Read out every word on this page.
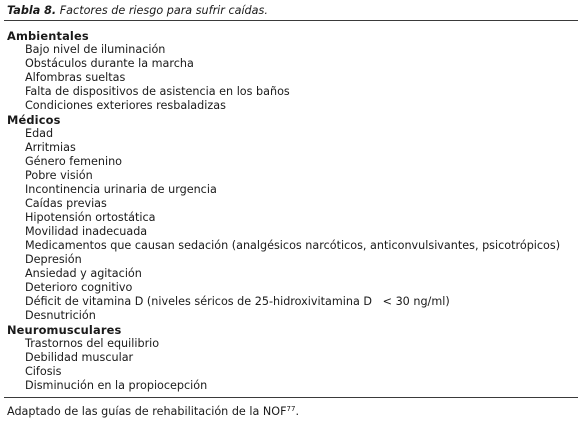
Tabla 8. Factores de riesgo para sufrir caídas.
Ambientales
Bajo nivel de iluminación
Obstáculos durante la marcha
Alfombras sueltas
Falta de dispositivos de asistencia en los baños
Condiciones exteriores resbaladizas
Médicos
Edad
Arritmias
Género femenino
Pobre visión
Incontinencia urinaria de urgencia
Caídas previas
Hipotensión ortostática
Movilidad inadecuada
Medicamentos que causan sedación (analgésicos narcóticos, anticonvulsivantes, psicotrópicos)
Depresión
Ansiedad y agitación
Deterioro cognitivo
Déficit de vitamina D (niveles séricos de 25-hidroxivitamina D   < 30 ng/ml)
Desnutrición
Neuromusculares
Trastornos del equilibrio
Debilidad muscular
Cifosis
Disminución en la propiocepción
Adaptado de las guías de rehabilitación de la NOF$^{77}$.
